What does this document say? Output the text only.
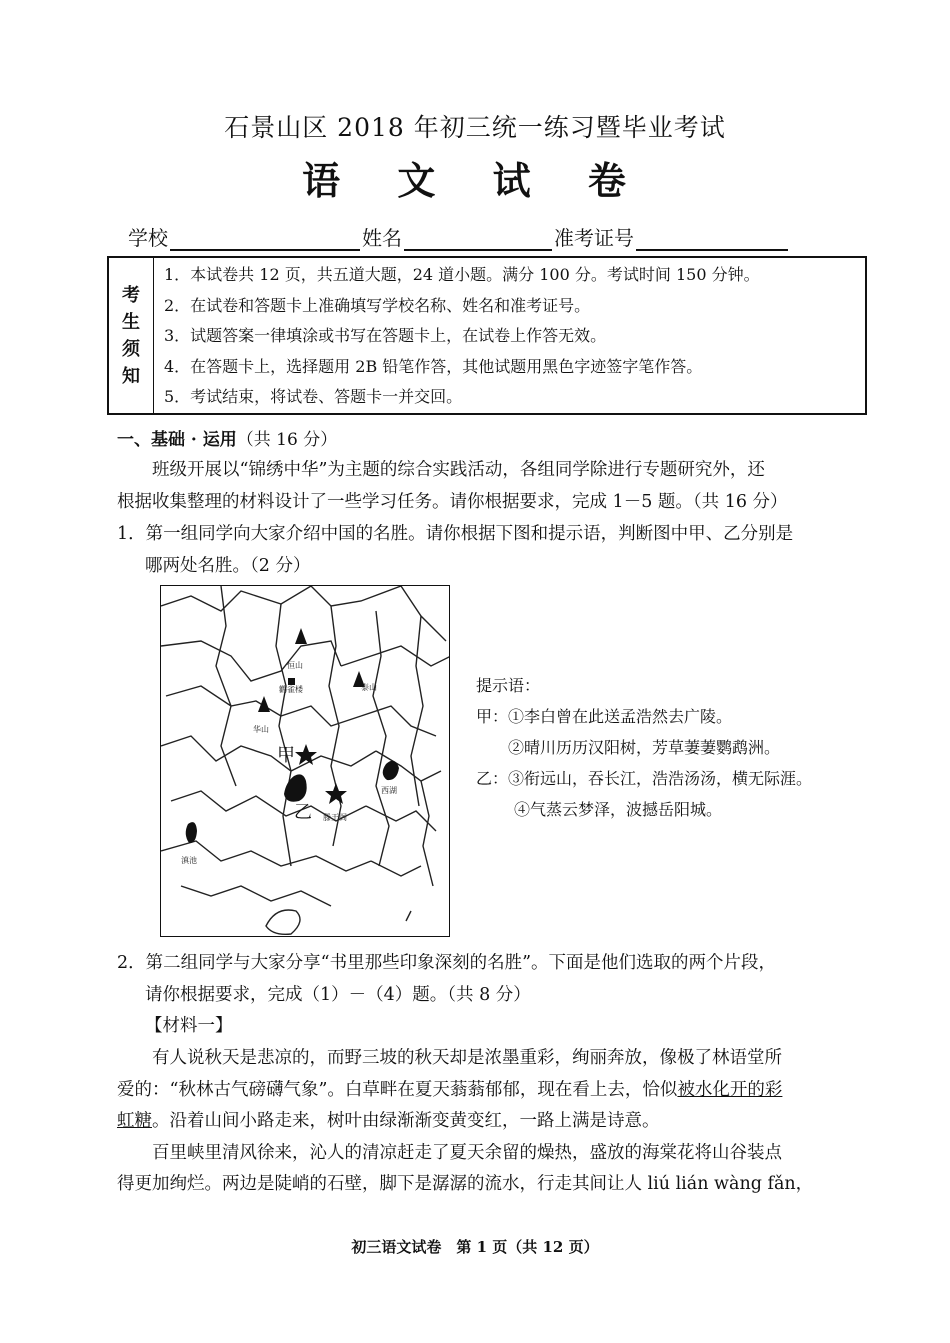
石景山区 2018 年初三统一练习暨毕业考试
语 文 试 卷
学校	姓名	准考证号
考
生
须
知
1．本试卷共 12 页，共五道大题，24 道小题。满分 100 分。考试时间 150 分钟。
2．在试卷和答题卡上准确填写学校名称、姓名和准考证号。
3．试题答案一律填涂或书写在答题卡上，在试卷上作答无效。
4．在答题卡上，选择题用 2B 铅笔作答，其他试题用黑色字迹签字笔作答。
5．考试结束，将试卷、答题卡一并交回。
一、基础 · 运用（共 16 分）

班级开展以“锦绣中华”为主题的综合实践活动，各组同学除进行专题研究外，还

根据收集整理的材料设计了一些学习任务。请你根据要求，完成 1－5 题。（共 16 分）

1．第一组同学向大家介绍中国的名胜。请你根据下图和提示语，判断图中甲、乙分别是

哪两处名胜。（2 分）

恒山
鹳雀楼	泰山
华山
甲
乙 滕王阁
西湖
滇池
提示语：
甲：①李白曾在此送孟浩然去广陵。
②晴川历历汉阳树，芳草萋萋鹦鹉洲。
乙：③衔远山，吞长江，浩浩汤汤，横无际涯。
④气蒸云梦泽，波撼岳阳城。

2．第二组同学与大家分享“书里那些印象深刻的名胜”。下面是他们选取的两个片段，

请你根据要求，完成（1）－（4）题。（共 8 分）

【材料一】

有人说秋天是悲凉的，而野三坡的秋天却是浓墨重彩，绚丽奔放，像极了林语堂所

爱的：“秋林古气磅礴气象”。白草畔在夏天蓊蓊郁郁，现在看上去，恰似被水化开的彩

虹糖。沿着山间小路走来，树叶由绿渐渐变黄变红，一路上满是诗意。

百里峡里清风徐来，沁人的清凉赶走了夏天余留的燥热，盛放的海棠花将山谷装点

得更加绚烂。两边是陡峭的石壁，脚下是潺潺的流水，行走其间让人 liú lián wàng fǎn，

初三语文试卷　第 1 页（共 12 页）
